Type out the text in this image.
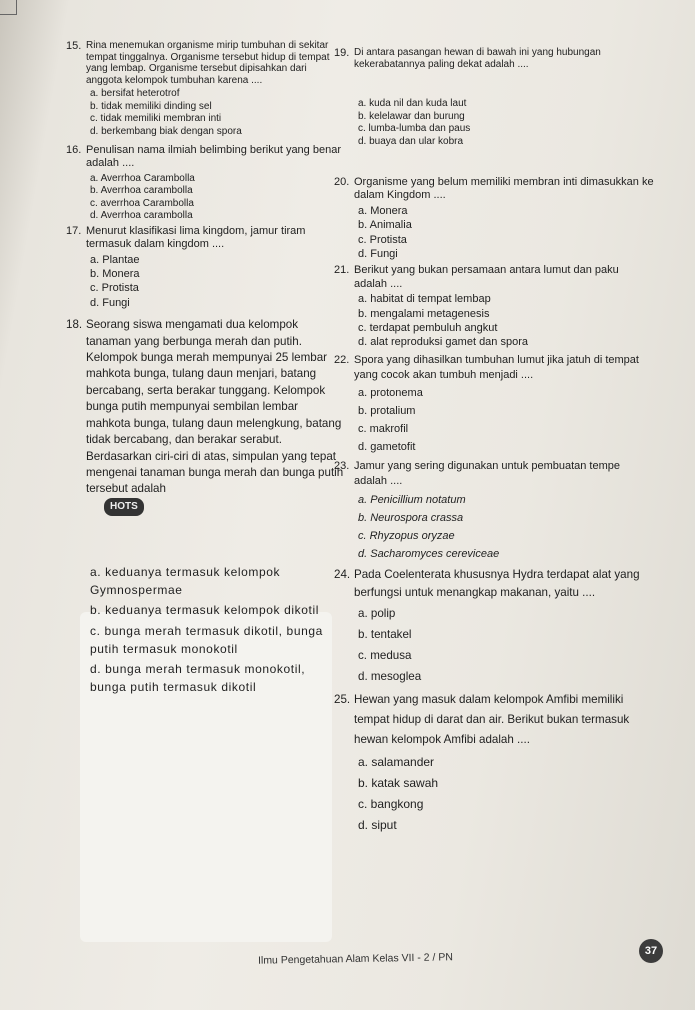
15. Rina menemukan organisme mirip tumbuhan di sekitar tempat tinggalnya. Organisme tersebut hidup di tempat yang lembap. Organisme tersebut dipisahkan dari anggota kelompok tumbuhan karena ....
a. bersifat heterotrof
b. tidak memiliki dinding sel
c. tidak memiliki membran inti
d. berkembang biak dengan spora
16. Penulisan nama ilmiah belimbing berikut yang benar adalah ....
a. Averrhoa Carambolla
b. Averrhoa carambolla
c. averrhoa Carambolla
d. Averrhoa carambolla
17. Menurut klasifikasi lima kingdom, jamur tiram termasuk dalam kingdom ....
a. Plantae
b. Monera
c. Protista
d. Fungi
18. Seorang siswa mengamati dua kelompok tanaman yang berbunga merah dan putih. Kelompok bunga merah mempunyai 25 lembar mahkota bunga, tulang daun menjari, batang bercabang, serta berakar tunggang. Kelompok bunga putih mempunyai sembilan lembar mahkota bunga, tulang daun melengkung, batang tidak bercabang, dan berakar serabut.
Berdasarkan ciri-ciri di atas, simpulan yang tepat mengenai tanaman bunga merah dan bunga putih tersebut adalah
HOTS
a. keduanya termasuk kelompok Gymnospermae
b. keduanya termasuk kelompok dikotil
c. bunga merah termasuk dikotil, bunga putih termasuk monokotil
d. bunga merah termasuk monokotil, bunga putih termasuk dikotil
19. Di antara pasangan hewan di bawah ini yang hubungan kekerabatannya paling dekat adalah ....
a. kuda nil dan kuda laut
b. kelelawar dan burung
c. lumba-lumba dan paus
d. buaya dan ular kobra
20. Organisme yang belum memiliki membran inti dimasukkan ke dalam Kingdom ....
a. Monera
b. Animalia
c. Protista
d. Fungi
21. Berikut yang bukan persamaan antara lumut dan paku adalah ....
a. habitat di tempat lembap
b. mengalami metagenesis
c. terdapat pembuluh angkut
d. alat reproduksi gamet dan spora
22. Spora yang dihasilkan tumbuhan lumut jika jatuh di tempat yang cocok akan tumbuh menjadi ....
a. protonema
b. protalium
c. makrofil
d. gametofit
23. Jamur yang sering digunakan untuk pembuatan tempe adalah ....
a. Penicillium notatum
b. Neurospora crassa
c. Rhyzopus oryzae
d. Sacharomyces cereviceae
24. Pada Coelenterata khususnya Hydra terdapat alat yang berfungsi untuk menangkap makanan, yaitu ....
a. polip
b. tentakel
c. medusa
d. mesoglea
25. Hewan yang masuk dalam kelompok Amfibi memiliki tempat hidup di darat dan air. Berikut bukan termasuk hewan kelompok Amfibi adalah ....
a. salamander
b. katak sawah
c. bangkong
d. siput
Ilmu Pengetahuan Alam Kelas VII - 2 / PN
37
